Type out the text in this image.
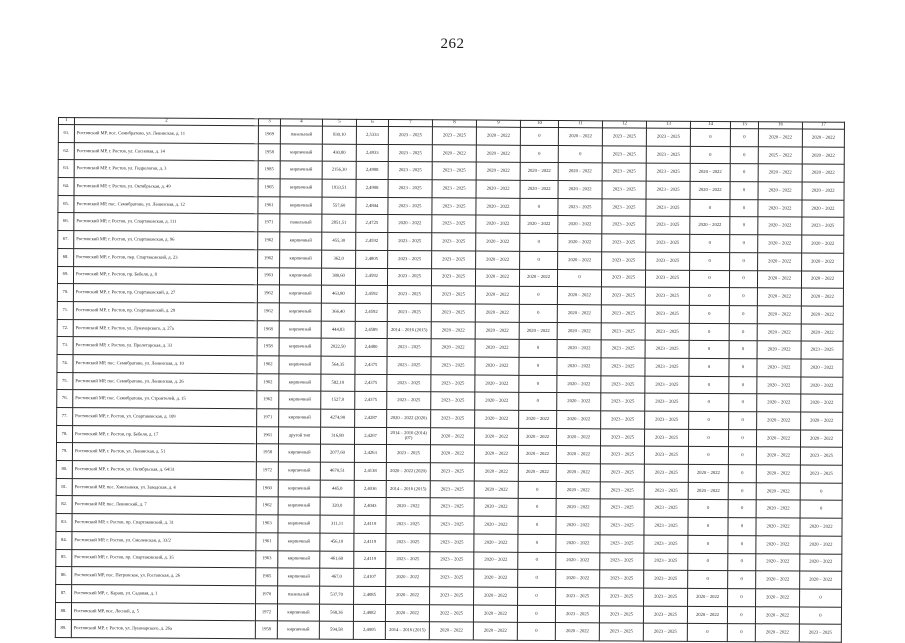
262
1	2	3	4	5	6	7	8	9	10	11	12	13	14	15	16	17
61.	Ростовский МР, пос. Семибратово, ул. Ленинская, д. 11	1969	панельный	830,10	2,5333	2023 – 2025	2023 – 2025	2020 – 2022	0	2020 – 2022	2023 – 2025	2023 – 2025	0	0	2020 – 2022	2020 – 2022
62.	Ростовский МР, г. Ростов, ул. Сосновая, д. 14	1958	кирпичный	430,80	2,4933	2023 – 2025	2020 – 2022	2020 – 2022	0	0	2023 – 2025	2023 – 2025	0	0	2025 – 2022	2020 – 2022
63.	Ростовский МР, г. Ростов, ул. Гидрологов, д. 3	1985	кирпичный	2156,30	2,4908	2023 – 2025	2023 – 2025	2020 – 2022	2020 – 2022	2020 – 2022	2023 – 2025	2023 – 2025	2020 – 2022	0	2020 – 2022	2020 – 2022
64.	Ростовский МР, г. Ростов, ул. Октябрьская, д. 49	1965	кирпичный	1933,51	2,4908	2023 – 2025	2023 – 2025	2020 – 2022	2020 – 2022	2020 – 2022	2023 – 2025	2023 – 2025	2020 – 2022	0	2020 – 2022	2020 – 2022
65.	Ростовский МР, пос. Семибратово, ул. Ленинская, д. 12	1961	кирпичный	557,60	2,4844	2023 – 2025	2023 – 2025	2020 – 2022	0	2023 – 2025	2023 – 2025	2023 – 2025	0	0	2020 – 2022	2020 – 2022
66.	Ростовский МР, г. Ростов, ул. Спартаковская, д. 111	1971	панельный	2851,51	2,4725	2020 – 2022	2023 – 2025	2020 – 2022	2020 – 2022	2020 – 2022	2023 – 2025	2023 – 2025	2020 – 2022	0	2020 – 2022	2023 – 2025
67.	Ростовский МР, г. Ростов, ул. Спартаковская, д. 96	1962	кирпичный	455,30	2,4592	2023 – 2025	2023 – 2025	2020 – 2022	0	2020 – 2022	2023 – 2025	2023 – 2025	0	0	2020 – 2022	2020 – 2022
68.	Ростовский МР, г. Ростов, пер. Спартаковский, д. 23	1962	кирпичный	362,0	2,4805	2023 – 2025	2023 – 2025	2020 – 2022	0	2020 – 2022	2023 – 2025	2023 – 2025	0	0	2020 – 2022	2020 – 2022
69.	Ростовский МР, г. Ростов, пр. Бебеля, д. 8	1963	кирпичный	380,60	2,4592	2023 – 2025	2023 – 2025	2020 – 2022	2020 – 2022	0	2023 – 2025	2023 – 2025	0	0	2020 – 2022	2020 – 2022
70.	Ростовский МР, г. Ростов, пр. Спартаковский, д. 27	1962	кирпичный	463,80	2,4592	2023 – 2025	2023 – 2025	2020 – 2022	0	2020 – 2022	2023 – 2025	2023 – 2025	0	0	2020 – 2022	2020 – 2022
71.	Ростовский МР, г. Ростов, пр. Спартаковский, д. 29	1962	кирпичный	366,40	2,4592	2023 – 2025	2023 – 2025	2020 – 2022	0	2020 – 2022	2023 – 2025	2023 – 2025	0	0	2020 – 2022	2020 – 2022
72.	Ростовский МР, г. Ростов, ул. Луначарского, д. 27а	1968	кирпичный	444,83	2,4589	2014 – 2016 (2015)	2020 – 2022	2020 – 2022	2020 – 2022	2020 – 2022	2023 – 2025	2023 – 2025	0	0	2020 – 2022	2020 – 2022
73.	Ростовский МР, г. Ростов, ул. Пролетарская, д. 33	1958	кирпичный	2022,50	2,4480	2023 – 2025	2020 – 2022	2020 – 2022	0	2020 – 2022	2023 – 2025	2023 – 2025	0	0	2020 – 2022	2023 – 2025
74.	Ростовский МР, пос. Семибратово, ул. Ленинская, д. 10	1962	кирпичный	564,35	2,4375	2023 – 2025	2023 – 2025	2020 – 2022	0	2020 – 2022	2023 – 2025	2023 – 2025	0	0	2020 – 2022	2020 – 2022
75.	Ростовский МР, пос. Семибратово, ул. Ленинская, д. 26	1962	кирпичный	582,10	2,4375	2023 – 2025	2023 – 2025	2020 – 2022	0	2020 – 2022	2023 – 2025	2023 – 2025	0	0	2020 – 2022	2020 – 2022
76.	Ростовский МР, пос. Семибратово, ул. Строителей, д. 15	1962	кирпичный	1527,0	2,4375	2023 – 2025	2023 – 2025	2020 – 2022	0	2020 – 2022	2023 – 2025	2023 – 2025	0	0	2020 – 2022	2020 – 2022
77.	Ростовский МР, г. Ростов, ул. Спартаковская, д. 109	1971	кирпичный	4274,90	2,4287	2020 – 2022 (2020)	2023 – 2025	2020 – 2022	2020 – 2022	2020 – 2022	2023 – 2025	2023 – 2025	0	0	2020 – 2022	2020 – 2022
78.	Ростовский МР, г. Ростов, пр. Бебеля, д. 17	1961	другой тип	316,80	2,4267	2014 – 2016 (2014) (07)	2020 – 2022	2020 – 2022	2020 – 2022	2020 – 2022	2023 – 2025	2023 – 2025	0	0	2020 – 2022	2020 – 2022
79.	Ростовский МР, г. Ростов, ул. Ленинская, д. 51	1958	кирпичный	2077,60	2,4263	2023 – 2025	2020 – 2022	2020 – 2022	2020 – 2022	2020 – 2022	2023 – 2025	2023 – 2025	0	0	2020 – 2022	2023 – 2025
80.	Ростовский МР, г. Ростов, ул. Октябрьская, д. 64/31	1972	кирпичный	4670,51	2,4138	2020 – 2022 (2020)	2023 – 2025	2020 – 2022	2020 – 2022	2020 – 2022	2023 – 2025	2023 – 2025	2020 – 2022	0	2020 – 2022	2023 – 2025
81.	Ростовский МР, пос. Хмельники, ул. Заводская, д. 4	1960	кирпичный	445,0	2,4036	2014 – 2016 (2015)	2023 – 2025	2020 – 2022	0	2020 – 2022	2023 – 2025	2023 – 2025	2020 – 2022	0	2020 – 2022	0
82.	Ростовский МР, пос. Ленинский, д. 7	1962	кирпичный	320,0	2,4043	2020 – 2022	2023 – 2025	2020 – 2022	0	2020 – 2022	2023 – 2025	2023 – 2025	0	0	2020 – 2022	0
83.	Ростовский МР, г. Ростов, пр. Спартаковский, д. 31	1963	кирпичный	311,11	2,4119	2023 – 2025	2023 – 2025	2020 – 2022	0	2020 – 2022	2023 – 2025	2023 – 2025	0	0	2020 – 2022	2020 – 2022
84.	Ростовский МР, г. Ростов, ул. Смоленская, д. 33/2	1961	кирпичный	456,10	2,4119	2023 – 2025	2023 – 2025	2020 – 2022	0	2020 – 2022	2023 – 2025	2023 – 2025	0	0	2020 – 2022	2020 – 2022
85.	Ростовский МР, г. Ростов, пр. Спартаковский, д. 35	1963	кирпичный	461,60	2,4119	2023 – 2025	2023 – 2025	2020 – 2022	0	2020 – 2022	2023 – 2025	2023 – 2025	0	0	2020 – 2022	2020 – 2022
86.	Ростовский МР, пос. Петровское, ул. Ростовская, д. 26	1965	кирпичный	467,0	2,4107	2020 – 2022	2023 – 2025	2020 – 2022	0	2020 – 2022	2023 – 2025	2023 – 2025	0	0	2020 – 2022	2020 – 2022
87.	Ростовский МР, с. Караш, ул. Садовая, д. 1	1970	панельный	537,70	2,4085	2020 – 2022	2023 – 2025	2020 – 2022	0	2023 – 2025	2023 – 2025	2023 – 2025	2020 – 2022	0	2020 – 2022	0
88.	Ростовский МР, пос. Лесной, д. 5	1972	кирпичный	568,36	2,4082	2020 – 2022	2022 – 2025	2020 – 2022	0	2023 – 2025	2023 – 2025	2023 – 2025	2020 – 2022	0	2020 – 2022	0
89.	Ростовский МР, г. Ростов, ул. Луначарского, д. 26а	1958	кирпичный	594,58	2,4005	2014 – 2016 (2015)	2020 – 2022	2020 – 2022	0	2020 – 2022	2023 – 2025	2023 – 2025	0	0	2020 – 2022	2023 – 2025
